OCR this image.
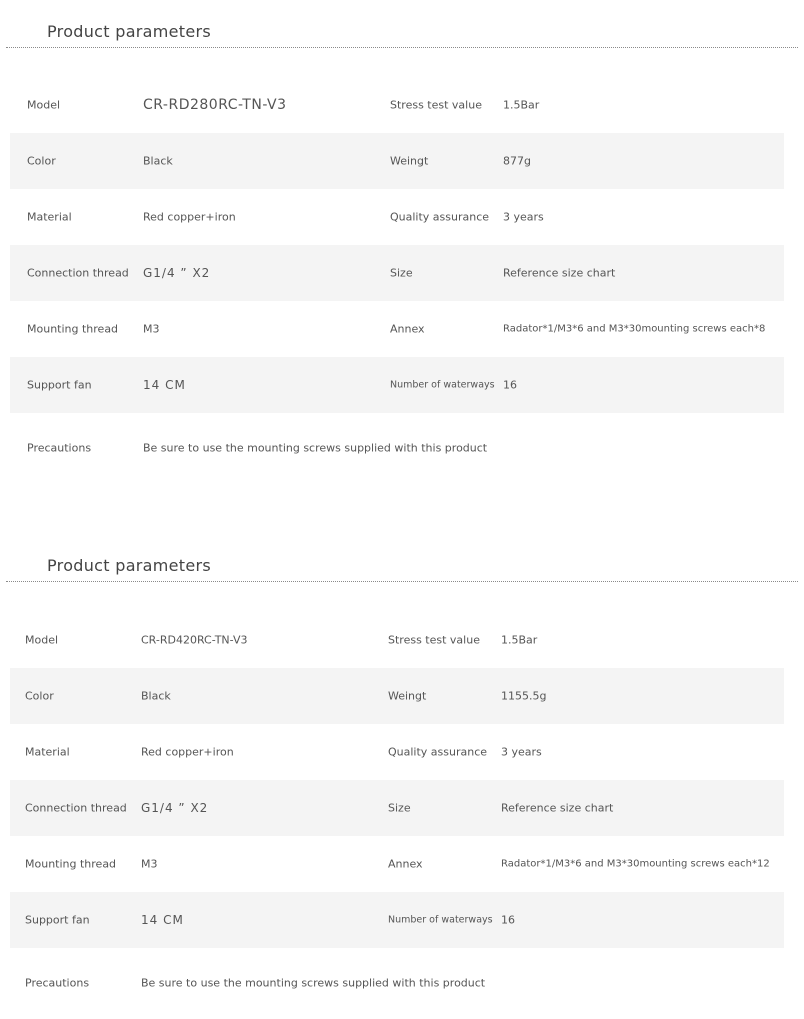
Product parameters
Model	CR-RD280RC-TN-V3	Stress test value 1.5Bar
Color	Black	Weingt	877g
Material	Red copper+iron	Quality assurance 3 years
Connection thread G1/4 ” X2	Size	Reference size chart
Mounting thread M3	Annex	Radator*1/M3*6 and M3*30mounting screws each*8
Support fan	14 CM	Number of waterways 16
Precautions	Be sure to use the mounting screws supplied with this product
Product parameters
Model	CR-RD420RC-TN-V3	Stress test value 1.5Bar
Color	Black	Weingt	1155.5g
Material	Red copper+iron	Quality assurance 3 years
Connection thread G1/4 ” X2	Size	Reference size chart
Mounting thread M3	Annex	Radator*1/M3*6 and M3*30mounting screws each*12
Support fan	14 CM	Number of waterways 16
Precautions	Be sure to use the mounting screws supplied with this product
